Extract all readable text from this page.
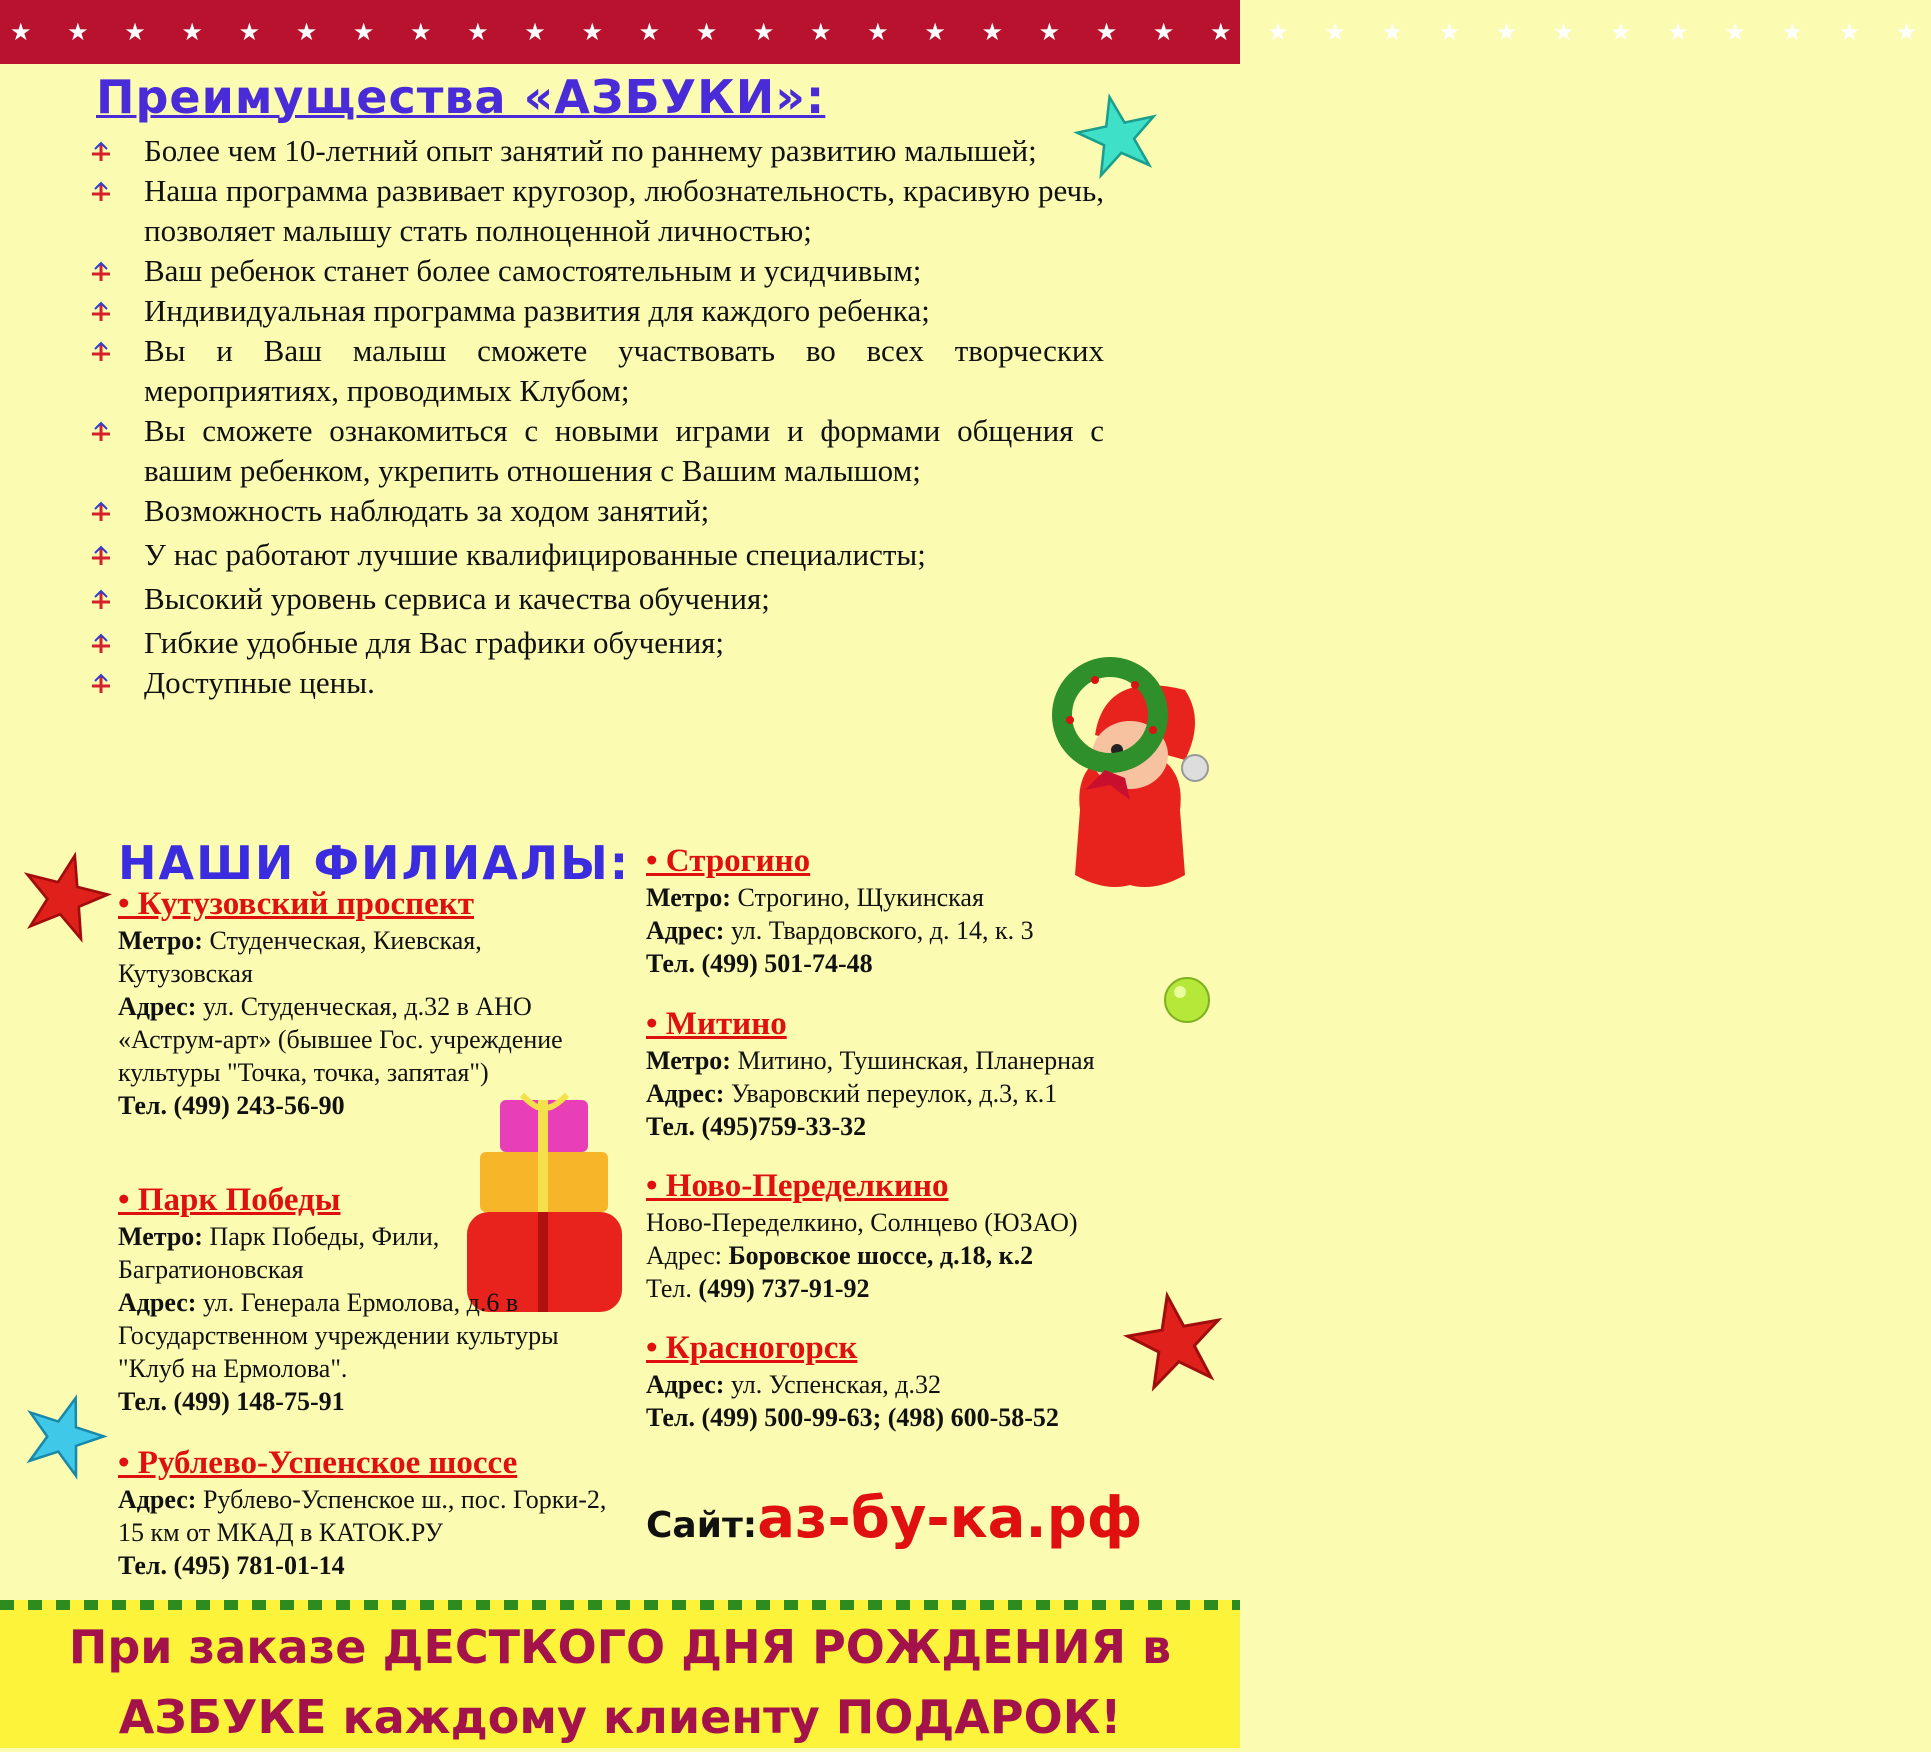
★ ★ ★ ★ ★ ★ ★ ★ ★ ★ ★ ★ ★ ★ ★ ★ ★ ★ ★ ★ ★ ★ ★ ★ ★ ★ ★ ★ ★ ★ ★ ★ ★ ★
Преимущества «АЗБУКИ»:
Более чем 10-летний опыт занятий по раннему развитию малышей;
Наша программа развивает кругозор, любознательность, красивую речь, позволяет малышу стать полноценной личностью;
Ваш ребенок станет более самостоятельным и усидчивым;
Индивидуальная программа развития для каждого ребенка;
Вы и Ваш малыш сможете участвовать во всех творческих мероприятиях, проводимых Клубом;
Вы сможете ознакомиться с новыми играми и формами общения с вашим ребенком, укрепить отношения с Вашим малышом;
Возможность наблюдать за ходом занятий;
У нас работают лучшие квалифицированные специалисты;
Высокий уровень сервиса и качества обучения;
Гибкие удобные для Вас графики обучения;
Доступные цены.
НАШИ ФИЛИАЛЫ:
• Кутузовский проспект
Метро: Студенческая, Киевская, Кутузовская
Адрес: ул. Студенческая, д.32 в АНО «Аструм-арт» (бывшее Гос. учреждение культуры "Точка, точка, запятая")
Тел. (499) 243-56-90
• Парк Победы
Метро: Парк Победы, Фили, Багратионовская
Адрес: ул. Генерала Ермолова, д.6 в Государственном учреждении культуры "Клуб на Ермолова".
Тел. (499) 148-75-91
• Рублево-Успенское шоссе
Адрес: Рублево-Успенское ш., пос. Горки-2, 15 км от МКАД в КАТОК.РУ
Тел. (495) 781-01-14
• Строгино
Метро: Строгино, Щукинская
Адрес: ул. Твардовского, д. 14, к. 3
Тел. (499) 501-74-48
• Митино
Метро: Митино, Тушинская, Планерная
Адрес: Уваровский переулок, д.3, к.1
Тел. (495)759-33-32
• Ново-Переделкино
Ново-Переделкино, Солнцево (ЮЗАО)
Адрес: Боровское шоссе, д.18, к.2
Тел. (499) 737-91-92
• Красногорск
Адрес: ул. Успенская, д.32
Тел. (499) 500-99-63; (498) 600-58-52
Сайт:аз-бу-ка.рф
При заказе ДЕСТКОГО ДНЯ РОЖДЕНИЯ в
АЗБУКЕ каждому клиенту ПОДАРОК!
